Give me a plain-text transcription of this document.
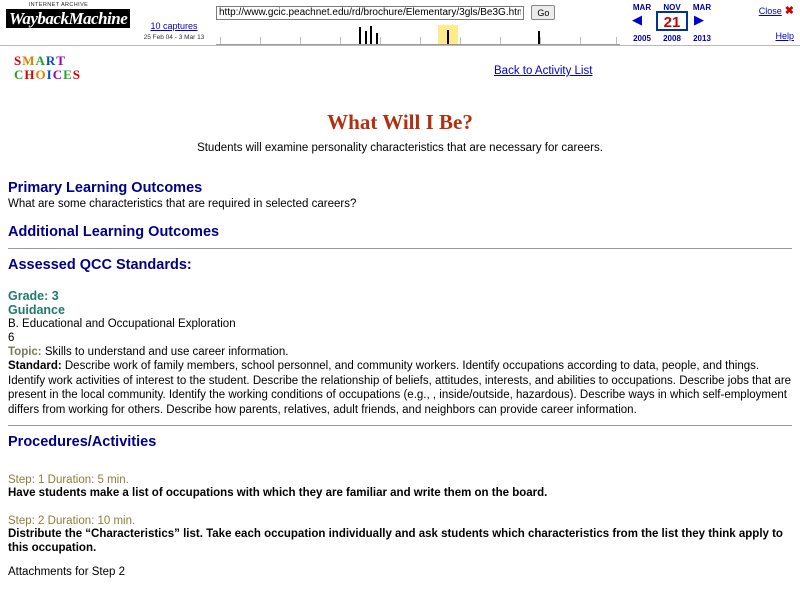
INTERNET ARCHIVE
WaybackMachine	10 captures
25 Feb 04 - 3 Mar 13
http://www.gcic.peachnet.edu/rd/brochure/Elementary/3gls/Be3G.htm Go
MAR	NOV	MAR
◀	21	▶
2005	2008	2013
Close ✖
Help
SMART
CHOICES	Back to Activity List
What Will I Be?
Students will examine personality characteristics that are necessary for careers.
Primary Learning Outcomes
What are some characteristics that are required in selected careers?
Additional Learning Outcomes
Assessed QCC Standards:
Grade: 3
Guidance
B. Educational and Occupational Exploration
6
Topic: Skills to understand and use career information.
Standard: Describe work of family members, school personnel, and community workers. Identify occupations according to data, people, and things. Identify work activities of interest to the student. Describe the relationship of beliefs, attitudes, interests, and abilities to occupations. Describe jobs that are present in the local community. Identify the working conditions of occupations (e.g., , inside/outside, hazardous). Describe ways in which self-employment differs from working for others. Describe how parents, relatives, adult friends, and neighbors can provide career information.
Procedures/Activities
Step: 1 Duration: 5 min.
Have students make a list of occupations with which they are familiar and write them on the board.
Step: 2 Duration: 10 min.
Distribute the “Characteristics” list. Take each occupation individually and ask students which characteristics from the list they think apply to this occupation.
Attachments for Step 2
